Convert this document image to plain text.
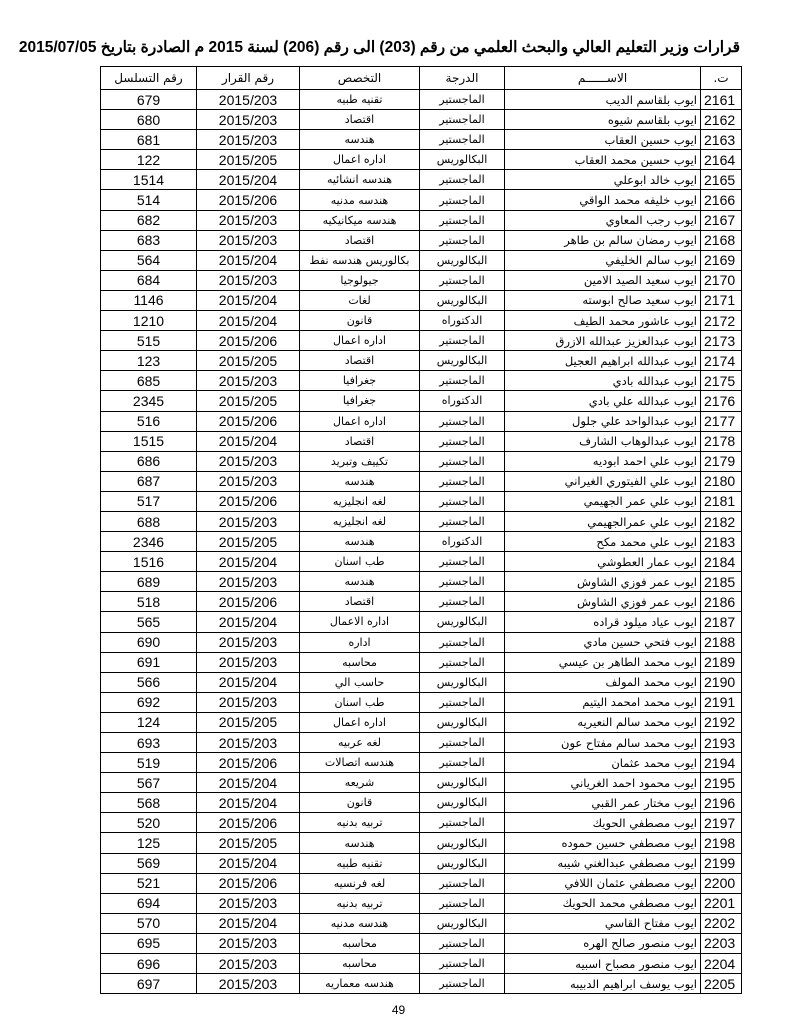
قرارات وزير التعليم العالي والبحث العلمي من رقم (203) الى رقم (206) لسنة 2015 م الصادرة بتاريخ 2015/07/05
ت.	الاســــــم	الدرجة	التخصص	رقم القرار	رقم التسلسل
2161	ايوب بلقاسم الديب	الماجستير	تقنيه طبيه	2015/203	679
2162	ايوب بلقاسم شيوه	الماجستير	اقتصاد	2015/203	680
2163	ايوب حسين العقاب	الماجستير	هندسه	2015/203	681
2164	ايوب حسين محمد العقاب	البكالوريس	اداره اعمال	2015/205	122
2165	ايوب خالد ابوعلي	الماجستير	هندسه انشائيه	2015/204	1514
2166	ايوب خليفه محمد الواقي	الماجستير	هندسه مدنيه	2015/206	514
2167	ايوب رجب المعاوي	الماجستير	هندسه ميكانيكيه	2015/203	682
2168	ايوب رمضان سالم بن طاهر	الماجستير	اقتصاد	2015/203	683
2169	ايوب سالم الخليفي	البكالوريس	بكالوريس هندسه نفط	2015/204	564
2170	ايوب سعيد الصيد الامين	الماجستير	جيولوجيا	2015/203	684
2171	ايوب سعيد صالح ابوسته	البكالوريس	لغات	2015/204	1146
2172	ايوب عاشور محمد الطيف	الدكتوراه	قانون	2015/204	1210
2173	ايوب عبدالعزيز عبدالله الازرق	الماجستير	اداره اعمال	2015/206	515
2174	ايوب عبدالله ابراهيم العجيل	البكالوريس	اقتصاد	2015/205	123
2175	ايوب عبدالله بادي	الماجستير	جغرافيا	2015/203	685
2176	ايوب عبدالله علي بادي	الدكتوراه	جغرافيا	2015/205	2345
2177	ايوب عبدالواحد علي جلول	الماجستير	اداره اعمال	2015/206	516
2178	ايوب عبدالوهاب الشارف	الماجستير	اقتصاد	2015/204	1515
2179	ايوب علي احمد ابوديه	الماجستير	تكييف وتبريد	2015/203	686
2180	ايوب علي الفيتوري الغيراني	الماجستير	هندسه	2015/203	687
2181	ايوب علي عمر الجهيمي	الماجستير	لغه انجليزيه	2015/206	517
2182	ايوب علي عمرالجهيمي	الماجستير	لغه انجليزيه	2015/203	688
2183	ايوب علي محمد مكح	الدكتوراه	هندسه	2015/205	2346
2184	ايوب عمار العطوشي	الماجستير	طب اسنان	2015/204	1516
2185	ايوب عمر فوزي الشاوش	الماجستير	هندسه	2015/203	689
2186	ايوب عمر فوزي الشاوش	الماجستير	اقتصاد	2015/206	518
2187	ايوب عياد ميلود قراده	البكالوريس	اداره الاعمال	2015/204	565
2188	ايوب فتحي حسين مادي	الماجستير	اداره	2015/203	690
2189	ايوب محمد الطاهر بن عيسي	الماجستير	محاسبه	2015/203	691
2190	ايوب محمد المولف	البكالوريس	حاسب الي	2015/204	566
2191	ايوب محمد امحمد اليتيم	الماجستير	طب اسنان	2015/203	692
2192	ايوب محمد سالم النعيريه	البكالوريس	اداره اعمال	2015/205	124
2193	ايوب محمد سالم مفتاح عون	الماجستير	لغه عربيه	2015/203	693
2194	ايوب محمد عثمان	الماجستير	هندسه اتصالات	2015/206	519
2195	ايوب محمود احمد الغرياني	البكالوريس	شريعه	2015/204	567
2196	ايوب مختار عمر القبي	البكالوريس	قانون	2015/204	568
2197	ايوب مصطفي الحويك	الماجستير	تربيه بدنيه	2015/206	520
2198	ايوب مصطفي حسين حموده	البكالوريس	هندسه	2015/205	125
2199	ايوب مصطفي عبدالغني شيبه	البكالوريس	تقنيه طبيه	2015/204	569
2200	ايوب مصطفي عثمان اللافي	الماجستير	لغه فرنسيه	2015/206	521
2201	ايوب مصطفي محمد الحويك	الماجستير	تربيه بدنيه	2015/203	694
2202	ايوب مفتاح القاسي	البكالوريس	هندسه مدنيه	2015/204	570
2203	ايوب منصور صالح الهره	الماجستير	محاسبه	2015/203	695
2204	ايوب منصور مصباح اسبيه	الماجستير	محاسبه	2015/203	696
2205	ايوب يوسف ابراهيم الدبيبه	الماجستير	هندسه معماريه	2015/203	697
49
